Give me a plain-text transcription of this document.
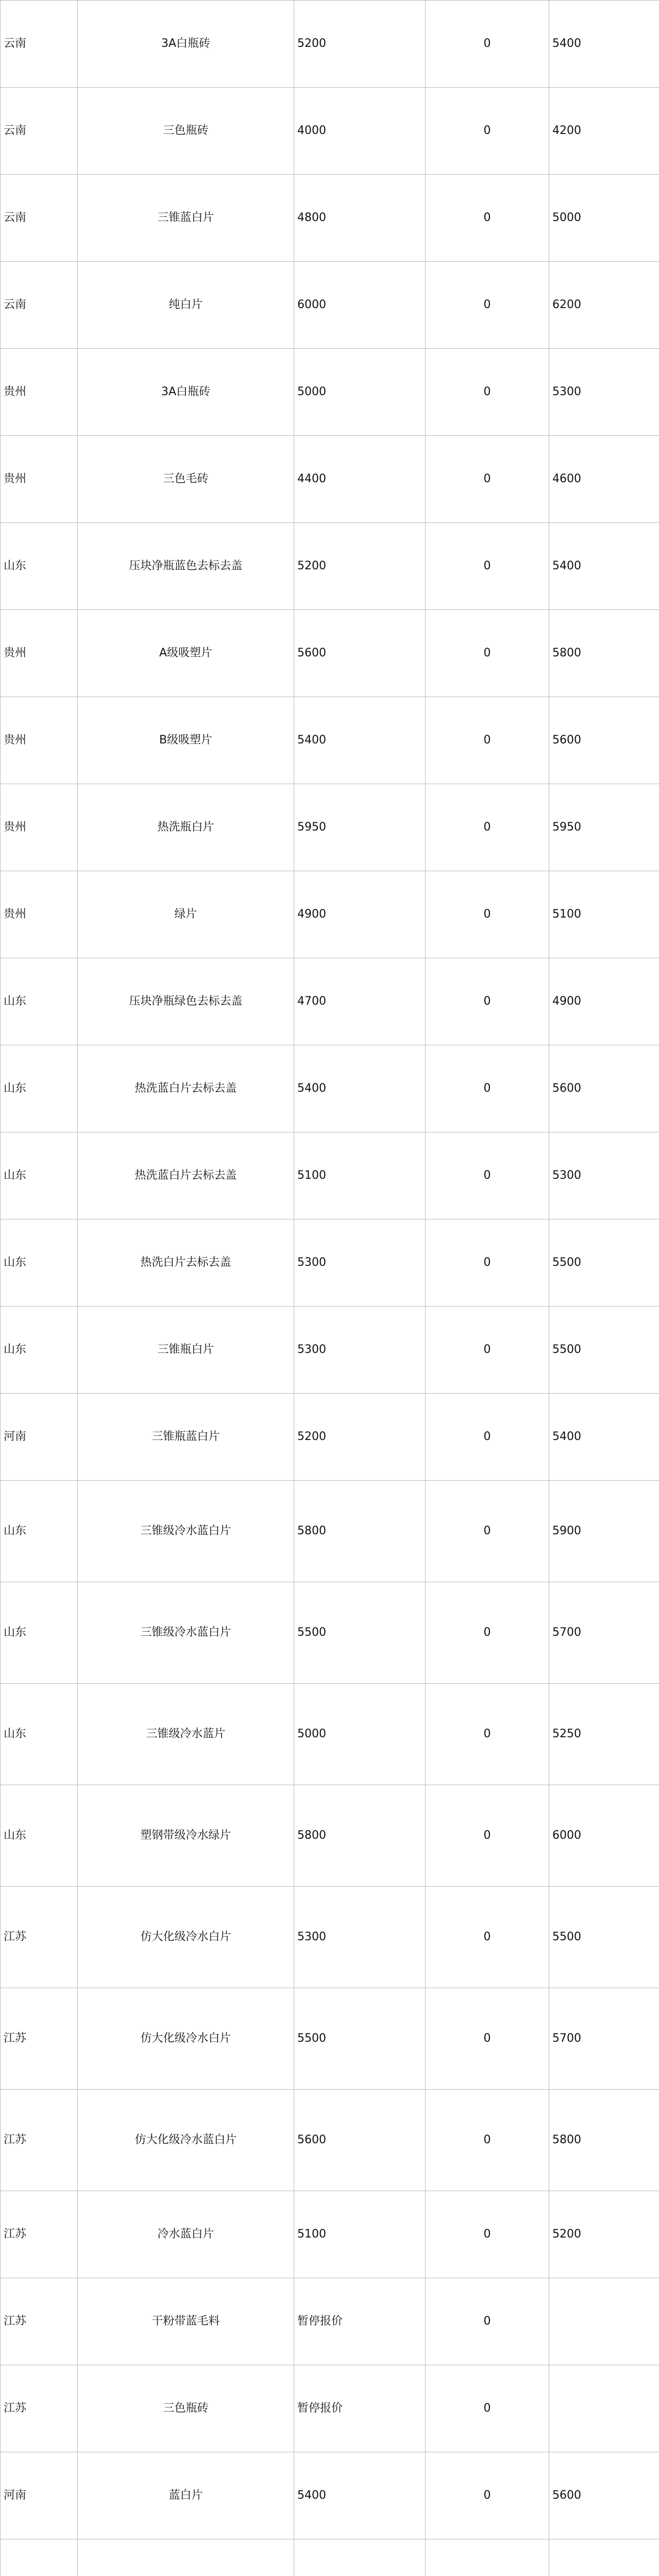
云南	3A白瓶砖	5200	0	5400	
云南	三色瓶砖	4000	0	4200	
云南	三锥蓝白片	4800	0	5000	
云南	纯白片	6000	0	6200	
贵州	3A白瓶砖	5000	0	5300	
贵州	三色毛砖	4400	0	4600	
山东	压块净瓶蓝色去标去盖	5200	0	5400	
贵州	A级吸塑片	5600	0	5800	
贵州	B级吸塑片	5400	0	5600	
贵州	热洗瓶白片	5950	0	5950	
贵州	绿片	4900	0	5100	
山东	压块净瓶绿色去标去盖	4700	0	4900	
山东	热洗蓝白片去标去盖	5400	0	5600	
山东	热洗蓝白片去标去盖	5100	0	5300	
山东	热洗白片去标去盖	5300	0	5500	
山东	三锥瓶白片	5300	0	5500	
河南	三锥瓶蓝白片	5200	0	5400	
山东	三锥级冷水蓝白片	5800	0	5900	
山东	三锥级冷水蓝白片	5500	0	5700	
山东	三锥级冷水蓝片	5000	0	5250	
山东	塑钢带级冷水绿片	5800	0	6000	
江苏	仿大化级冷水白片	5300	0	5500	
江苏	仿大化级冷水白片	5500	0	5700	
江苏	仿大化级冷水蓝白片	5600	0	5800	
江苏	冷水蓝白片	5100	0	5200	
江苏	干粉带蓝毛料	暂停报价	0		
江苏	三色瓶砖	暂停报价	0		
河南	蓝白片	5400	0	5600	
